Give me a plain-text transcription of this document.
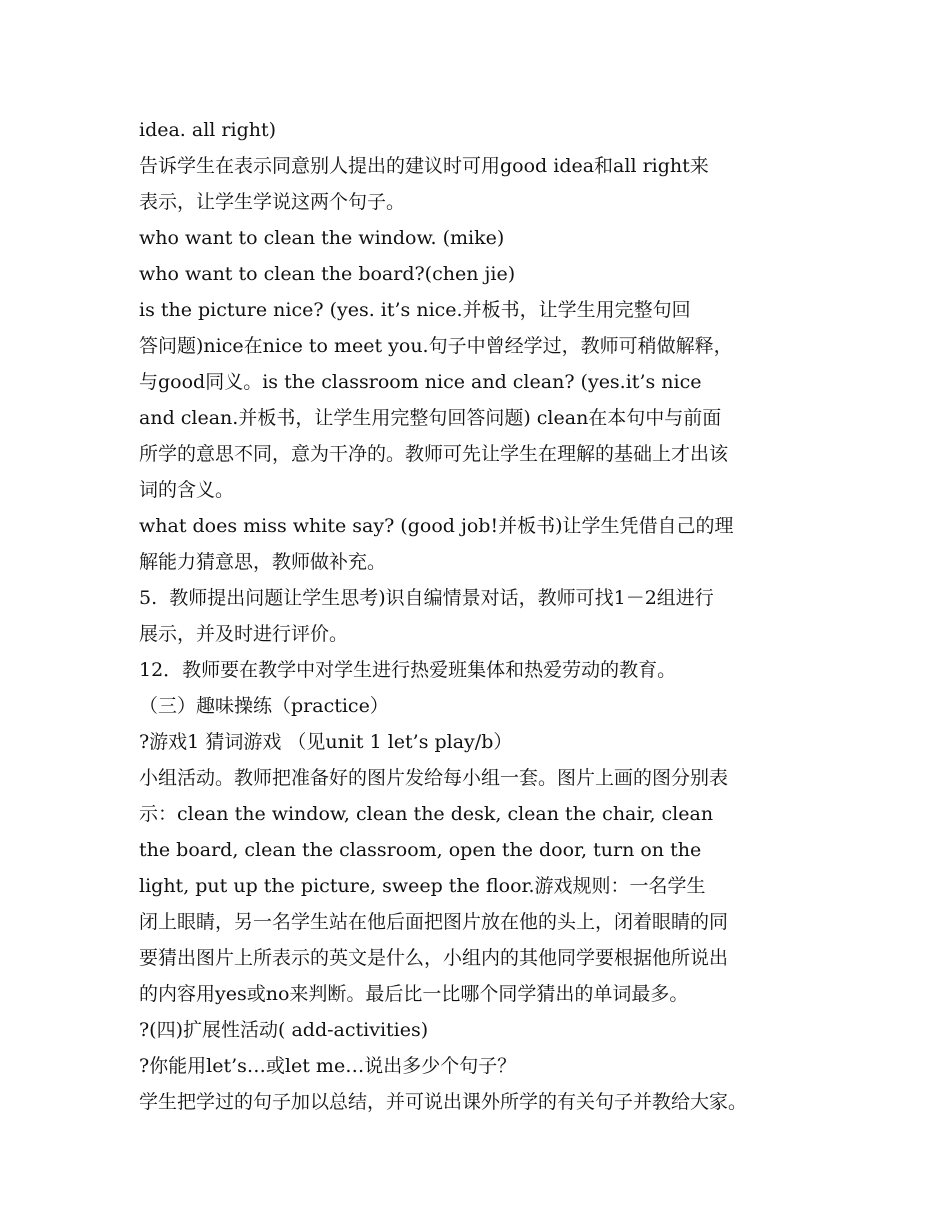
idea. all right)
告诉学生在表示同意别人提出的建议时可用good idea和all right来
表示，让学生学说这两个句子。
who want to clean the window. (mike)
who want to clean the board?(chen jie)
is the picture nice? (yes. it’s nice.并板书，让学生用完整句回
答问题)nice在nice to meet you.句子中曾经学过，教师可稍做解释，
与good同义。is the classroom nice and clean? (yes.it’s nice
and clean.并板书，让学生用完整句回答问题) clean在本句中与前面
所学的意思不同，意为干净的。教师可先让学生在理解的基础上才出该
词的含义。
what does miss white say? (good job!并板书)让学生凭借自己的理
解能力猜意思，教师做补充。
5.  教师提出问题让学生思考)识自编情景对话，教师可找1－2组进行
展示，并及时进行评价。
12．教师要在教学中对学生进行热爱班集体和热爱劳动的教育。
（三）趣味操练（practice）
?游戏1 猜词游戏 （见unit 1 let’s play/b）
小组活动。教师把准备好的图片发给每小组一套。图片上画的图分别表
示：clean the window, clean the desk, clean the chair, clean
the board, clean the classroom, open the door, turn on the
light, put up the picture, sweep the floor.游戏规则：一名学生
闭上眼睛，另一名学生站在他后面把图片放在他的头上，闭着眼睛的同
要猜出图片上所表示的英文是什么，小组内的其他同学要根据他所说出
的内容用yes或no来判断。最后比一比哪个同学猜出的单词最多。
?(四)扩展性活动( add-activities)
?你能用let’s…或let me…说出多少个句子？
学生把学过的句子加以总结，并可说出课外所学的有关句子并教给大家。
